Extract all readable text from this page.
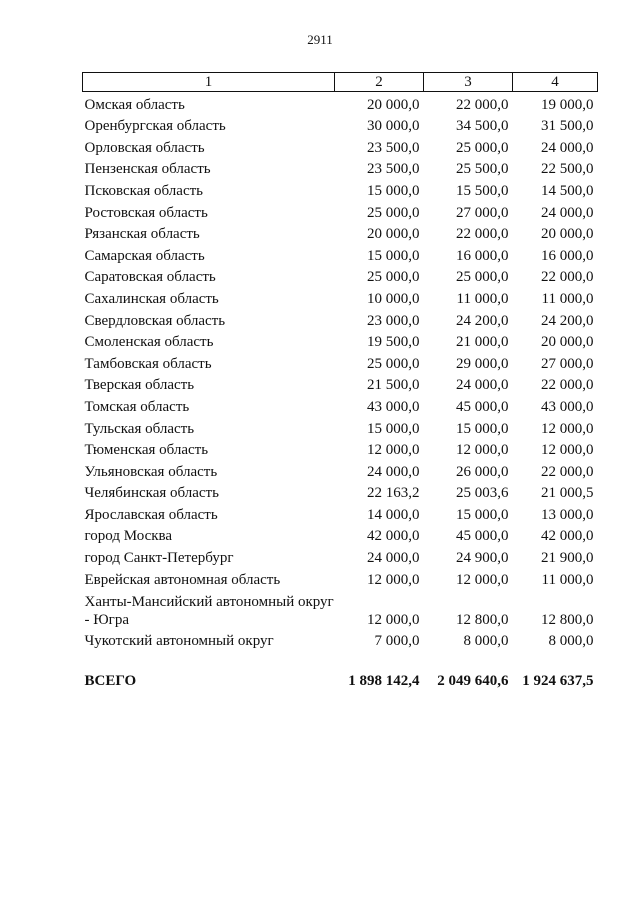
2911
1	2	3	4
Омская область	20 000,0	22 000,0	19 000,0
Оренбургская область	30 000,0	34 500,0	31 500,0
Орловская область	23 500,0	25 000,0	24 000,0
Пензенская область	23 500,0	25 500,0	22 500,0
Псковская область	15 000,0	15 500,0	14 500,0
Ростовская область	25 000,0	27 000,0	24 000,0
Рязанская область	20 000,0	22 000,0	20 000,0
Самарская область	15 000,0	16 000,0	16 000,0
Саратовская область	25 000,0	25 000,0	22 000,0
Сахалинская область	10 000,0	11 000,0	11 000,0
Свердловская область	23 000,0	24 200,0	24 200,0
Смоленская область	19 500,0	21 000,0	20 000,0
Тамбовская область	25 000,0	29 000,0	27 000,0
Тверская область	21 500,0	24 000,0	22 000,0
Томская область	43 000,0	45 000,0	43 000,0
Тульская область	15 000,0	15 000,0	12 000,0
Тюменская область	12 000,0	12 000,0	12 000,0
Ульяновская область	24 000,0	26 000,0	22 000,0
Челябинская область	22 163,2	25 003,6	21 000,5
Ярославская область	14 000,0	15 000,0	13 000,0
город Москва	42 000,0	45 000,0	42 000,0
город Санкт-Петербург	24 000,0	24 900,0	21 900,0
Еврейская автономная область	12 000,0	12 000,0	11 000,0
Ханты-Мансийский автономный округ - Югра	12 000,0	12 800,0	12 800,0
Чукотский автономный округ	7 000,0	8 000,0	8 000,0

ВСЕГО	1 898 142,4	2 049 640,6	1 924 637,5
